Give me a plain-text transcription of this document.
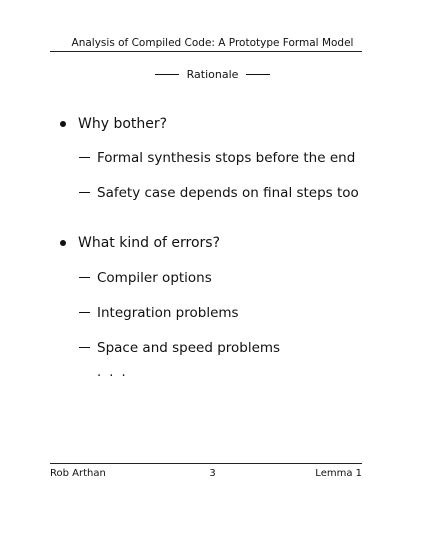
Analysis of Compiled Code: A Prototype Formal Model
Rationale
Why bother?
Formal synthesis stops before the end
Safety case depends on final steps too
What kind of errors?
Compiler options
Integration problems
Space and speed problems
. . .
Rob Arthan	3	Lemma 1
